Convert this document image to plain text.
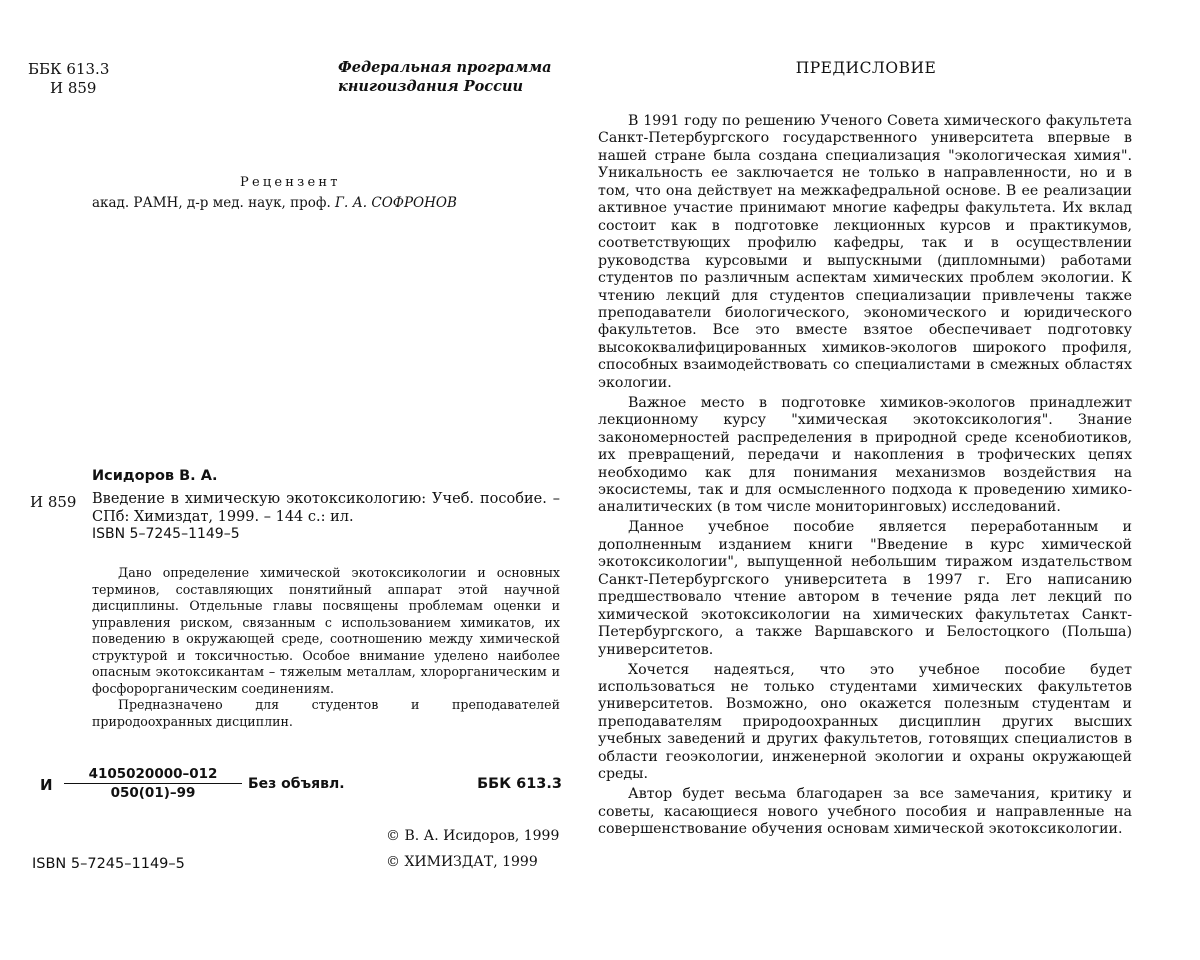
ББК 613.3
И 859
Федеральная программа
книгоиздания России
Рецензент
акад. РАМН, д-р мед. наук, проф. Г. А. СОФРОНОВ
Исидоров В. А.
И 859 Введение в химическую экотоксикологию: Учеб. пособие. – СПб: Химиздат, 1999. – 144 с.: ил.
ISBN 5–7245–1149–5

Дано определение химической экотоксикологии и основных терминов, составляющих понятийный аппарат этой научной дисциплины. Отдельные главы посвящены проблемам оценки и управления риском, связанным с использованием химикатов, их поведению в окружающей среде, соотношению между химической структурой и токсичностью. Особое внимание уделено наиболее опасным экотоксикантам – тяжелым металлам, хлорорганическим и фосфорорганическим соединениям.

Предназначено для студентов и преподавателей природоохранных дисциплин.

И $\frac{4105020000-012}{050(01)-99}$ Без объявл.	ББК 613.3
© В. А. Исидоров, 1999
ISBN 5–7245–1149–5	© ХИМИЗДАТ, 1999
ПРЕДИСЛОВИЕ

В 1991 году по решению Ученого Совета химического факультета Санкт-Петербургского государственного университета впервые в нашей стране была создана специализация "экологическая химия". Уникальность ее заключается не только в направленности, но и в том, что она действует на межкафедральной основе. В ее реализации активное участие принимают многие кафедры факультета. Их вклад состоит как в подготовке лекционных курсов и практикумов, соответствующих профилю кафедры, так и в осуществлении руководства курсовыми и выпускными (дипломными) работами студентов по различным аспектам химических проблем экологии. К чтению лекций для студентов специализации привлечены также преподаватели биологического, экономического и юридического факультетов. Все это вместе взятое обеспечивает подготовку высококвалифицированных химиков-экологов широкого профиля, способных взаимодействовать со специалистами в смежных областях экологии.

Важное место в подготовке химиков-экологов принадлежит лекционному курсу "химическая экотоксикология". Знание закономерностей распределения в природной среде ксенобиотиков, их превращений, передачи и накопления в трофических цепях необходимо как для понимания механизмов воздействия на экосистемы, так и для осмысленного подхода к проведению химико-аналитических (в том числе мониторинговых) исследований.

Данное учебное пособие является переработанным и дополненным изданием книги "Введение в курс химической экотоксикологии", выпущенной небольшим тиражом издательством Санкт-Петербургского университета в 1997 г. Его написанию предшествовало чтение автором в течение ряда лет лекций по химической экотоксикологии на химических факультетах Санкт-Петербургского, а также Варшавского и Белостоцкого (Польша) университетов.

Хочется надеяться, что это учебное пособие будет использоваться не только студентами химических факультетов университетов. Возможно, оно окажется полезным студентам и преподавателям природоохранных дисциплин других высших учебных заведений и других факультетов, готовящих специалистов в области геоэкологии, инженерной экологии и охраны окружающей среды.

Автор будет весьма благодарен за все замечания, критику и советы, касающиеся нового учебного пособия и направленные на совершенствование обучения основам химической экотоксикологии.
